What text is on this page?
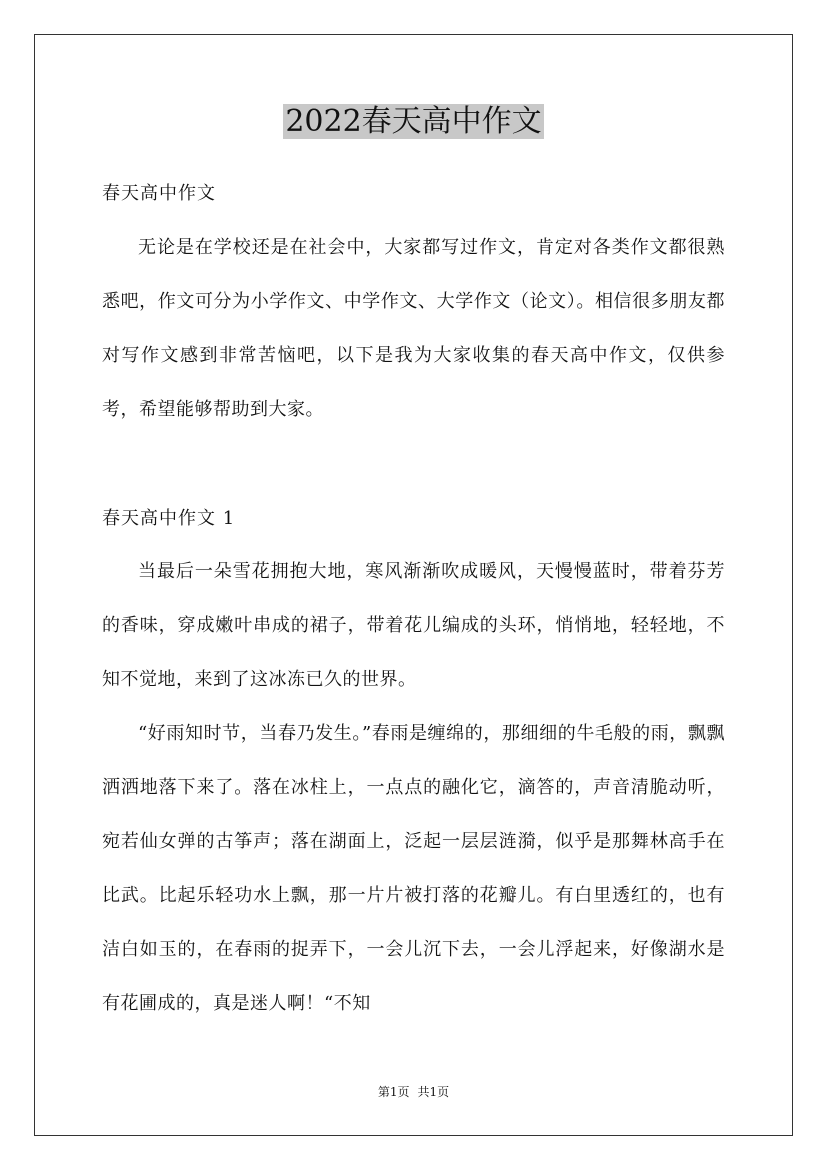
2022春天高中作文
春天高中作文

无论是在学校还是在社会中，大家都写过作文，肯定对各类作文都很熟悉吧，作文可分为小学作文、中学作文、大学作文（论文）。相信很多朋友都对写作文感到非常苦恼吧，以下是我为大家收集的春天高中作文，仅供参考，希望能够帮助到大家。

春天高中作文 1

当最后一朵雪花拥抱大地，寒风渐渐吹成暖风，天慢慢蓝时，带着芬芳的香味，穿成嫩叶串成的裙子，带着花儿编成的头环，悄悄地，轻轻地，不知不觉地，来到了这冰冻已久的世界。

“好雨知时节，当春乃发生。”春雨是缠绵的，那细细的牛毛般的雨，飘飘洒洒地落下来了。落在冰柱上，一点点的融化它，滴答的，声音清脆动听，宛若仙女弹的古筝声；落在湖面上，泛起一层层涟漪，似乎是那舞林高手在比武。比起乐轻功水上飘，那一片片被打落的花瓣儿。有白里透红的，也有洁白如玉的，在春雨的捉弄下，一会儿沉下去，一会儿浮起来，好像湖水是有花圃成的，真是迷人啊！“不知

第1页 共1页
